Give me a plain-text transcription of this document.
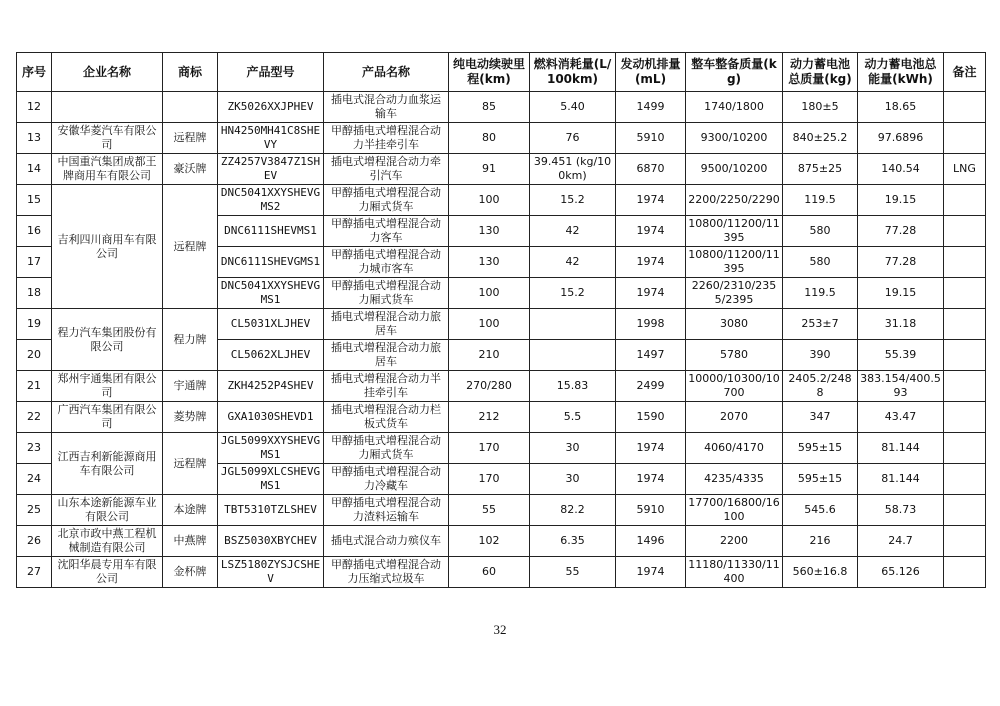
序号	企业名称	商标	产品型号	产品名称	纯电动续驶里程(km)	燃料消耗量(L/100km)	发动机排量(mL)	整车整备质量(kg)	动力蓄电池总质量(kg)	动力蓄电池总能量(kWh)	备注
12			ZK5026XXJPHEV	插电式混合动力血浆运输车	85	5.40	1499	1740/1800	180±5	18.65	
13	安徽华菱汽车有限公司	远程牌	HN4250MH41C8SHEVY	甲醇插电式增程混合动力半挂牵引车	80	76	5910	9300/10200	840±25.2	97.6896	
14	中国重汽集团成都王牌商用车有限公司	豪沃牌	ZZ4257V3847Z1SHEV	插电式增程混合动力牵引汽车	91	39.451 (kg/100km)	6870	9500/10200	875±25	140.54	LNG
15	吉利四川商用车有限公司	远程牌	DNC5041XXYSHEVGMS2	甲醇插电式增程混合动力厢式货车	100	15.2	1974	2200/2250/2290	119.5	19.15	
16			DNC6111SHEVMS1	甲醇插电式增程混合动力客车	130	42	1974	10800/11200/11395	580	77.28	
17			DNC6111SHEVGMS1	甲醇插电式增程混合动力城市客车	130	42	1974	10800/11200/11395	580	77.28	
18			DNC5041XXYSHEVGMS1	甲醇插电式增程混合动力厢式货车	100	15.2	1974	2260/2310/2355/2395	119.5	19.15	
19	程力汽车集团股份有限公司	程力牌	CL5031XLJHEV	插电式增程混合动力旅居车	100		1998	3080	253±7	31.18	
20			CL5062XLJHEV	插电式增程混合动力旅居车	210		1497	5780	390	55.39	
21	郑州宇通集团有限公司	宇通牌	ZKH4252P4SHEV	插电式增程混合动力半挂牵引车	270/280	15.83	2499	10000/10300/10700	2405.2/2488	383.154/400.593	
22	广西汽车集团有限公司	菱势牌	GXA1030SHEVD1	插电式增程混合动力栏板式货车	212	5.5	1590	2070	347	43.47	
23	江西吉利新能源商用车有限公司	远程牌	JGL5099XXYSHEVGMS1	甲醇插电式增程混合动力厢式货车	170	30	1974	4060/4170	595±15	81.144	
24			JGL5099XLCSHEVGMS1	甲醇插电式增程混合动力冷藏车	170	30	1974	4235/4335	595±15	81.144	
25	山东本途新能源车业有限公司	本途牌	TBT5310TZLSHEV	甲醇插电式增程混合动力渣料运输车	55	82.2	5910	17700/16800/16100	545.6	58.73	
26	北京市政中燕工程机械制造有限公司	中燕牌	BSZ5030XBYCHEV	插电式混合动力殡仪车	102	6.35	1496	2200	216	24.7	
27	沈阳华晨专用车有限公司	金杯牌	LSZ5180ZYSJCSHEV	甲醇插电式增程混合动力压缩式垃圾车	60	55	1974	11180/11330/11400	560±16.8	65.126	
32
